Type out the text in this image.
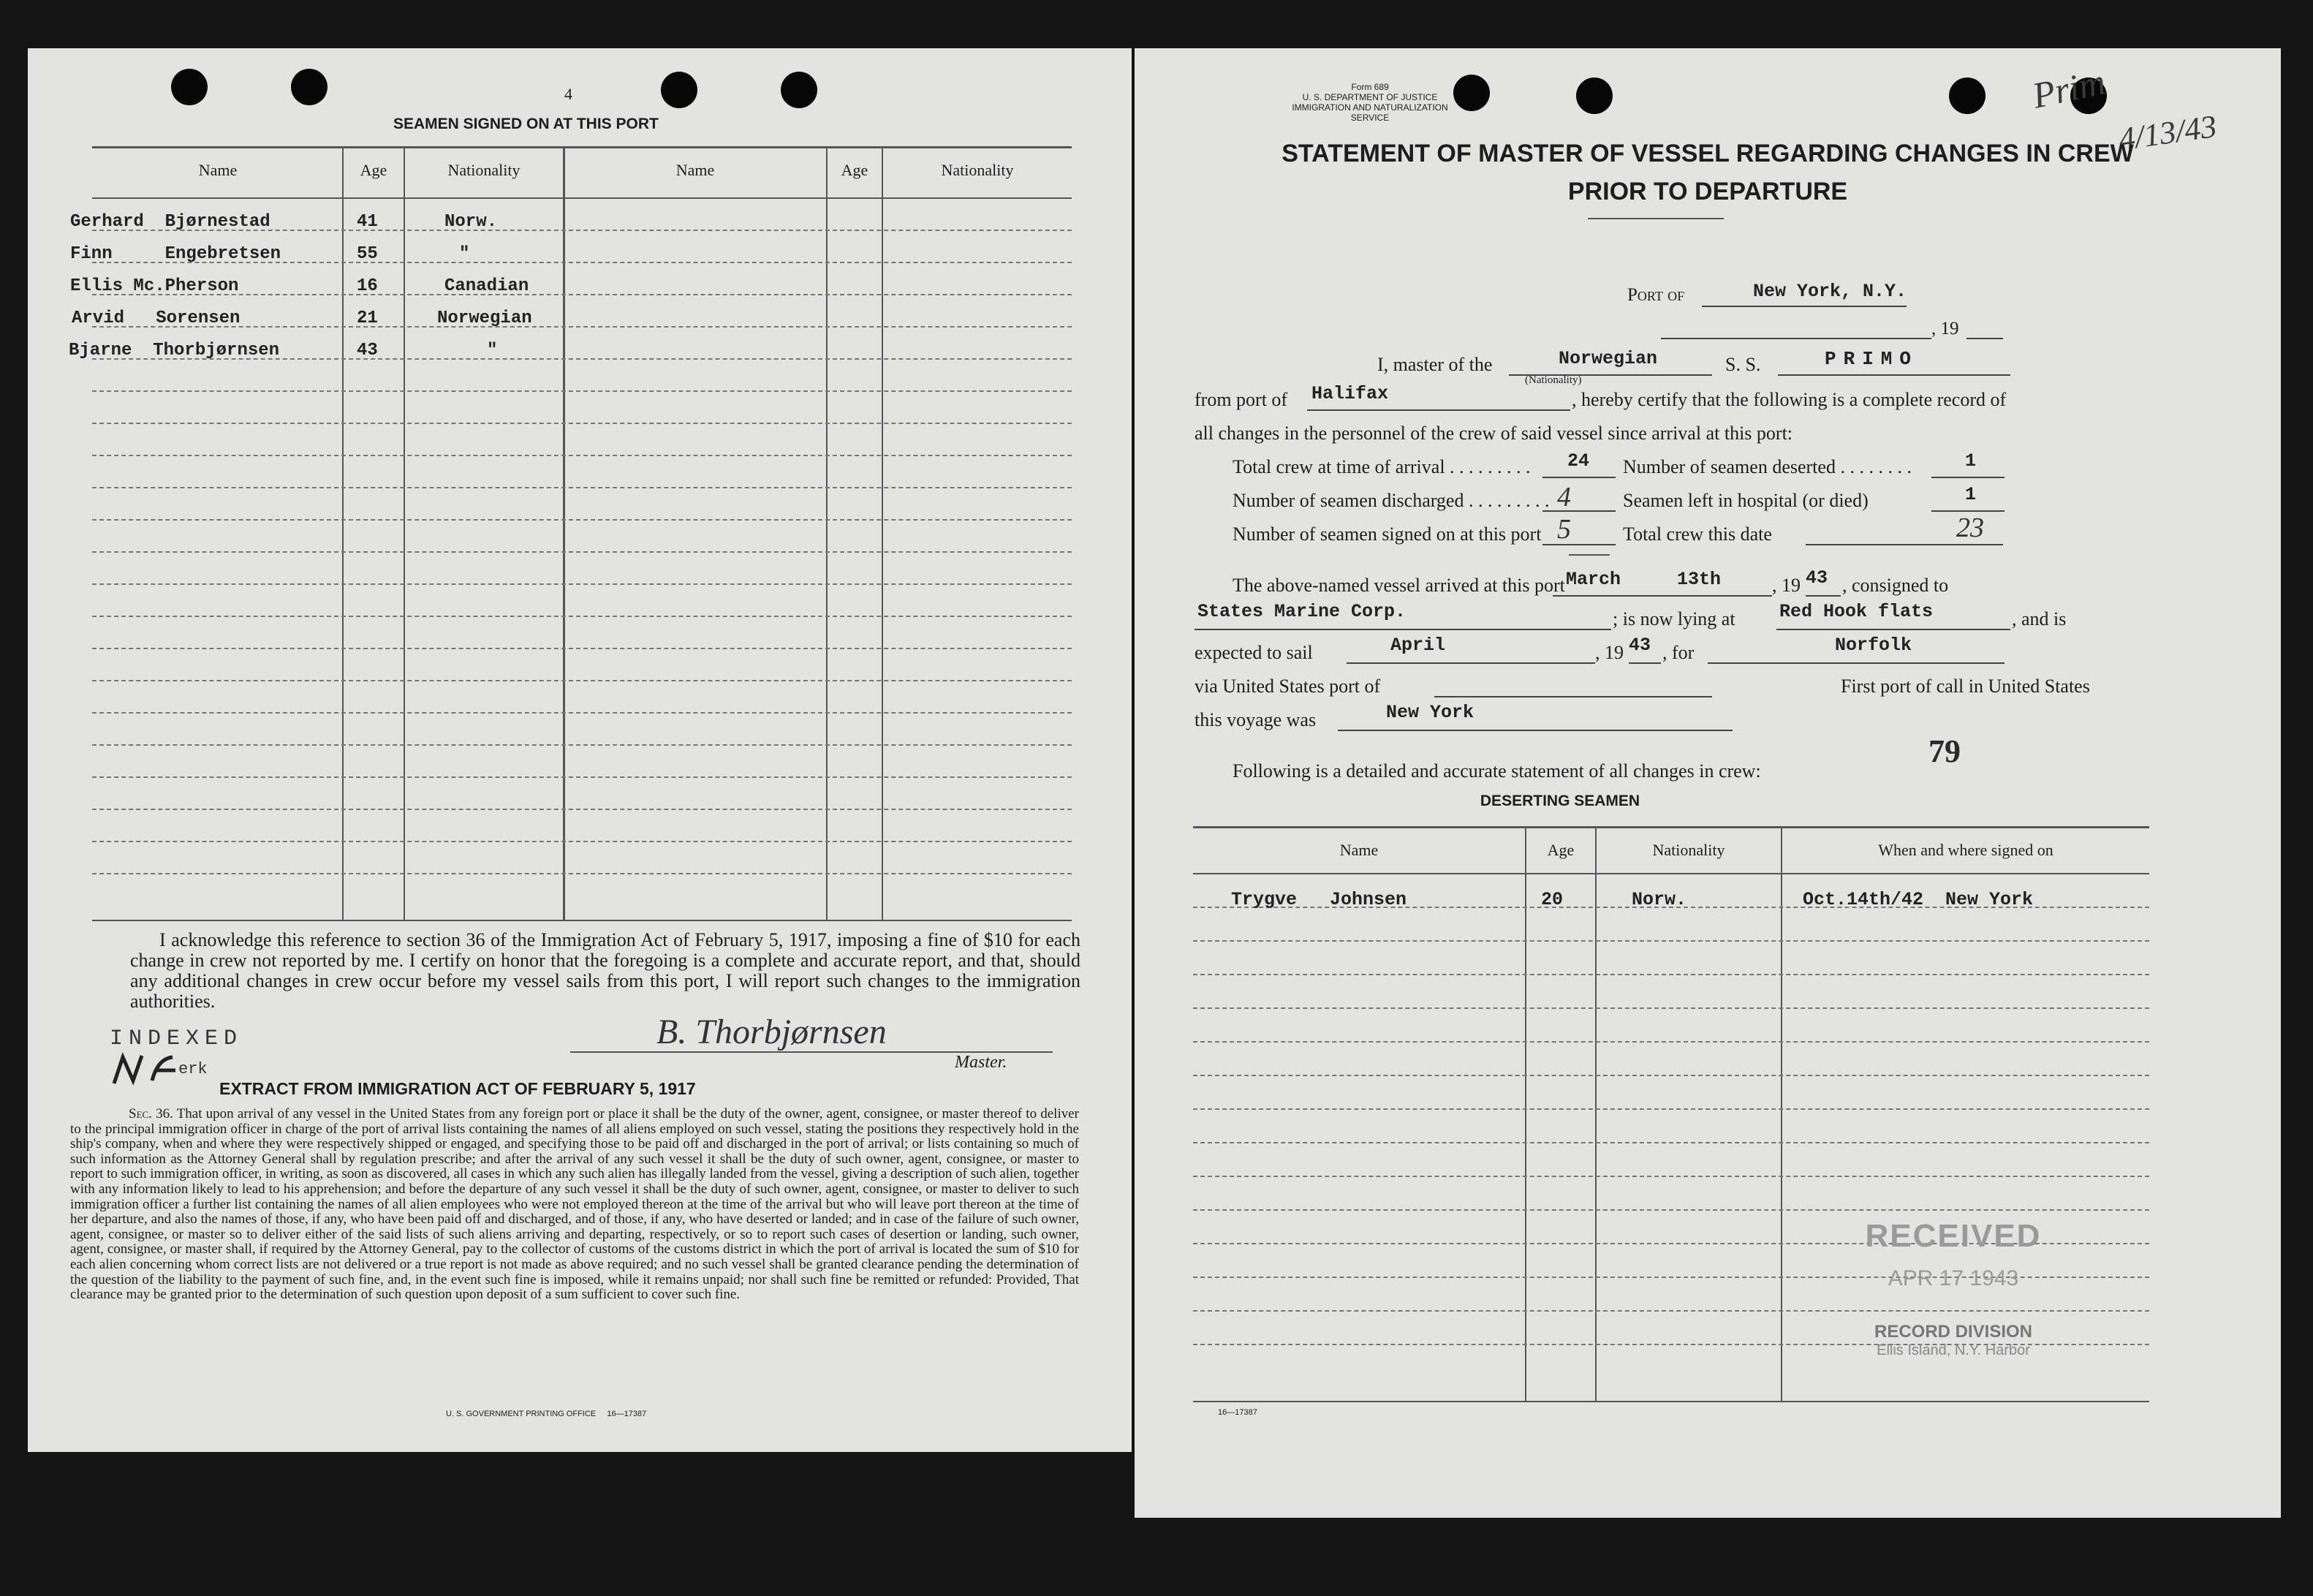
4
SEAMEN SIGNED ON AT THIS PORT
Name	Age	Nationality	Name	Age	Nationality
Gerhard  Bjørnestad	41	Norw.
Finn     Engebretsen	55	"
Ellis Mc.Pherson	16	Canadian
Arvid   Sorensen	21	Norwegian
Bjarne  Thorbjørnsen	43	"
I acknowledge this reference to section 36 of the Immigration Act of February 5, 1917, imposing a fine of $10 for each change in crew not reported by me. I certify on honor that the foregoing is a complete and accurate report, and that, should any additional changes in crew occur before my vessel sails from this port, I will report such changes to the immigration authorities.
INDEXED
erk
B. Thorbjørnsen
Master.
EXTRACT FROM IMMIGRATION ACT OF FEBRUARY 5, 1917
Sec. 36. That upon arrival of any vessel in the United States from any foreign port or place it shall be the duty of the owner, agent, consignee, or master thereof to deliver to the principal immigration officer in charge of the port of arrival lists containing the names of all aliens employed on such vessel, stating the positions they respectively hold in the ship's company, when and where they were respectively shipped or engaged, and specifying those to be paid off and discharged in the port of arrival; or lists containing so much of such information as the Attorney General shall by regulation prescribe; and after the arrival of any such vessel it shall be the duty of such owner, agent, consignee, or master to report to such immigration officer, in writing, as soon as discovered, all cases in which any such alien has illegally landed from the vessel, giving a description of such alien, together with any information likely to lead to his apprehension; and before the departure of any such vessel it shall be the duty of such owner, agent, consignee, or master to deliver to such immigration officer a further list containing the names of all alien employees who were not employed thereon at the time of the arrival but who will leave port thereon at the time of her departure, and also the names of those, if any, who have been paid off and discharged, and of those, if any, who have deserted or landed; and in case of the failure of such owner, agent, consignee, or master so to deliver either of the said lists of such aliens arriving and departing, respectively, or so to report such cases of desertion or landing, such owner, agent, consignee, or master shall, if required by the Attorney General, pay to the collector of customs of the customs district in which the port of arrival is located the sum of $10 for each alien concerning whom correct lists are not delivered or a true report is not made as above required; and no such vessel shall be granted clearance pending the determination of the question of the liability to the payment of such fine, and, in the event such fine is imposed, while it remains unpaid; nor shall such fine be remitted or refunded: Provided, That clearance may be granted prior to the determination of such question upon deposit of a sum sufficient to cover such fine.
U. S. GOVERNMENT PRINTING OFFICE     16—17387
Form 689
U. S. DEPARTMENT OF JUSTICE
IMMIGRATION AND NATURALIZATION SERVICE
Prim
4/13/43
STATEMENT OF MASTER OF VESSEL REGARDING CHANGES IN CREW
PRIOR TO DEPARTURE
Port of	New York, N.Y.
, 19
I, master of the	Norwegian
(Nationality)
S. S.	PRIMO
from port of Halifax	, hereby certify that the following is a complete record of
all changes in the personnel of the crew of said vessel since arrival at this port:
Total crew at time of arrival . . . . . . . . . 24
Number of seamen discharged . . . . . . . . . 4
Number of seamen signed on at this port 5
Number of seamen deserted . . . . . . . .	1
Seamen left in hospital (or died)	1
Total crew this date	23
The above-named vessel arrived at this port March	13th	, 19 43 , consigned to
States Marine Corp.	; is now lying at Red Hook flats	, and is
expected to sail	April	, 19 43 , for	Norfolk
via United States port of	First port of call in United States
this voyage was	New York
79
Following is a detailed and accurate statement of all changes in crew:
DESERTING SEAMEN
Name	Age	Nationality	When and where signed on
Trygve   Johnsen	20	Norw.	Oct.14th/42  New York
RECEIVED
APR 17 1943
RECORD DIVISION
Ellis Island, N.Y. Harbor
16—17387
